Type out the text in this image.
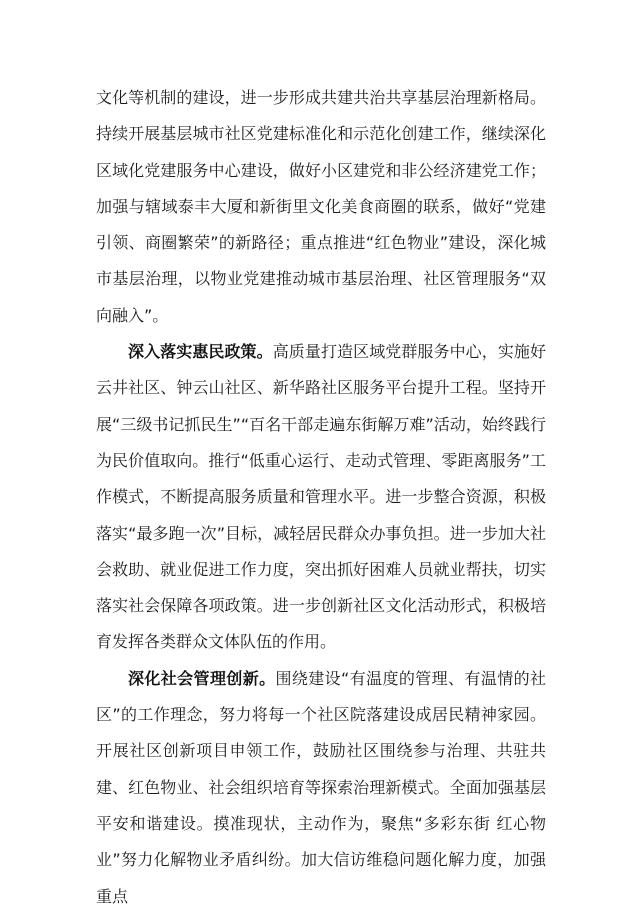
文化等机制的建设，进一步形成共建共治共享基层治理新格局。持续开展基层城市社区党建标准化和示范化创建工作，继续深化区域化党建服务中心建设，做好小区建党和非公经济建党工作；加强与辖域泰丰大厦和新街里文化美食商圈的联系，做好“党建引领、商圈繁荣”的新路径；重点推进“红色物业”建设，深化城市基层治理，以物业党建推动城市基层治理、社区管理服务“双向融入”。

深入落实惠民政策。高质量打造区域党群服务中心，实施好云井社区、钟云山社区、新华路社区服务平台提升工程。坚持开展“三级书记抓民生”“百名干部走遍东街解万难”活动，始终践行为民价值取向。推行“低重心运行、走动式管理、零距离服务”工作模式，不断提高服务质量和管理水平。进一步整合资源，积极落实“最多跑一次”目标，减轻居民群众办事负担。进一步加大社会救助、就业促进工作力度，突出抓好困难人员就业帮扶，切实落实社会保障各项政策。进一步创新社区文化活动形式，积极培育发挥各类群众文体队伍的作用。

深化社会管理创新。围绕建设“有温度的管理、有温情的社区”的工作理念，努力将每一个社区院落建设成居民精神家园。开展社区创新项目申领工作，鼓励社区围绕参与治理、共驻共建、红色物业、社会组织培育等探索治理新模式。全面加强基层平安和谐建设。摸准现状，主动作为，聚焦“多彩东街 红心物业”努力化解物业矛盾纠纷。加大信访维稳问题化解力度，加强重点
